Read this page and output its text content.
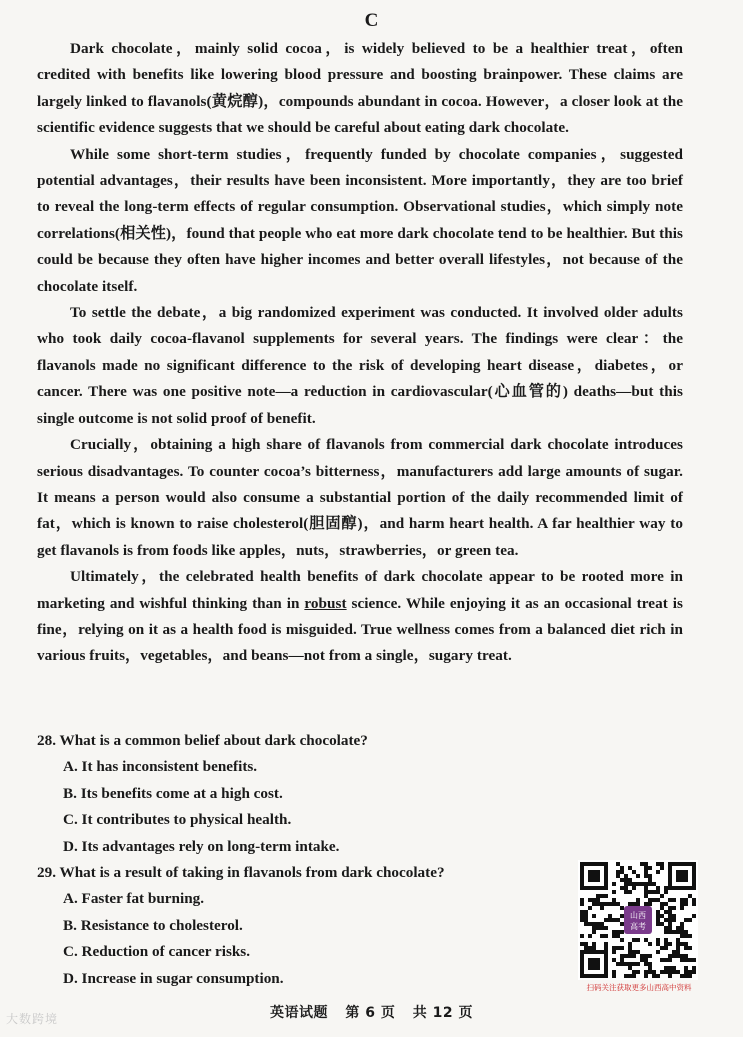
C

Dark chocolate，mainly solid cocoa，is widely believed to be a healthier treat，often credited with benefits like lowering blood pressure and boosting brainpower. These claims are largely linked to flavanols(黄烷醇)，compounds abundant in cocoa. However，a closer look at the scientific evidence suggests that we should be careful about eating dark chocolate.

While some short-term studies，frequently funded by chocolate companies，suggested potential advantages，their results have been inconsistent. More importantly，they are too brief to reveal the long-term effects of regular consumption. Observational studies，which simply note correlations(相关性)，found that people who eat more dark chocolate tend to be healthier. But this could be because they often have higher incomes and better overall lifestyles，not because of the chocolate itself.

To settle the debate，a big randomized experiment was conducted. It involved older adults who took daily cocoa-flavanol supplements for several years. The findings were clear：the flavanols made no significant difference to the risk of developing heart disease，diabetes，or cancer. There was one positive note—a reduction in cardiovascular(心血管的) deaths—but this single outcome is not solid proof of benefit.

Crucially，obtaining a high share of flavanols from commercial dark chocolate introduces serious disadvantages. To counter cocoa’s bitterness，manufacturers add large amounts of sugar. It means a person would also consume a substantial portion of the daily recommended limit of fat，which is known to raise cholesterol(胆固醇)，and harm heart health. A far healthier way to get flavanols is from foods like apples，nuts，strawberries，or green tea.

Ultimately，the celebrated health benefits of dark chocolate appear to be rooted more in marketing and wishful thinking than in robust science. While enjoying it as an occasional treat is fine，relying on it as a health food is misguided. True wellness comes from a balanced diet rich in various fruits，vegetables，and beans—not from a single，sugary treat.

28. What is a common belief about dark chocolate?

A. It has inconsistent benefits.

B. Its benefits come at a high cost.

C. It contributes to physical health.

D. Its advantages rely on long-term intake.

29. What is a result of taking in flavanols from dark chocolate?

A. Faster fat burning.

B. Resistance to cholesterol.

C. Reduction of cancer risks.

D. Increase in sugar consumption.

山西
高考
扫码关注获取更多山西高中资料
英语试题 第 6 页 共 12 页
大数跨境
